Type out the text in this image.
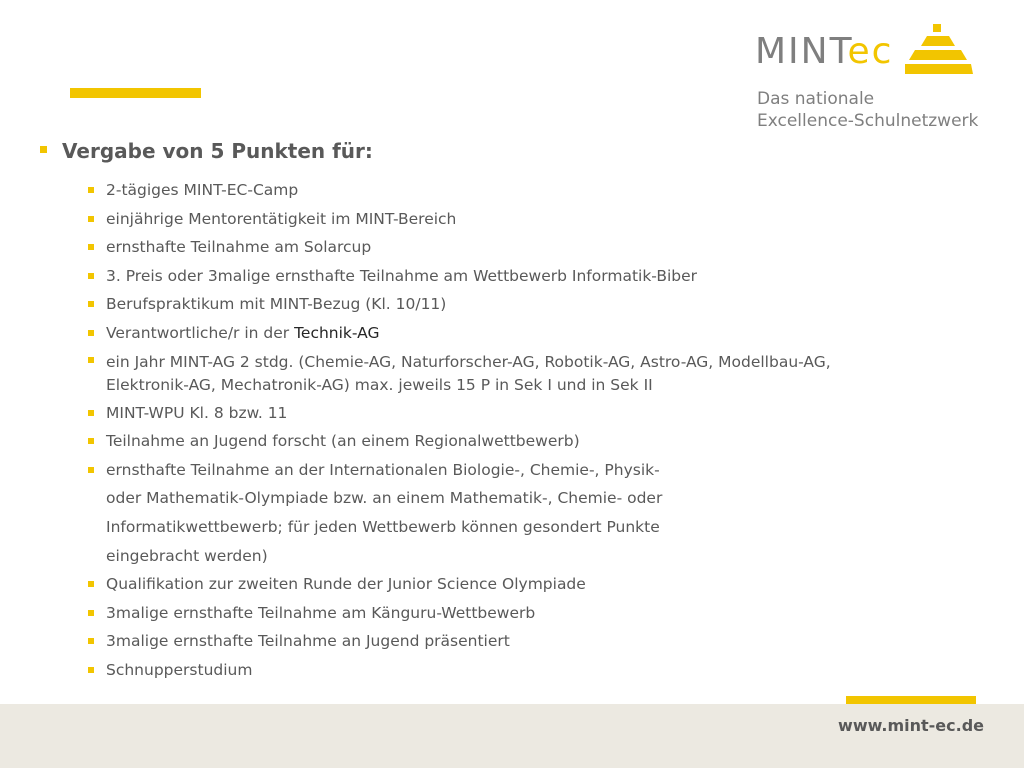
MINTec
Das nationale
Excellence-Schulnetzwerk
Vergabe von 5 Punkten für:
2-tägiges MINT-EC-Camp
einjährige Mentorentätigkeit im MINT-Bereich
ernsthafte Teilnahme am Solarcup
3. Preis oder 3malige ernsthafte Teilnahme am Wettbewerb Informatik-Biber
Berufspraktikum mit MINT-Bezug (Kl. 10/11)
Verantwortliche/r in der Technik-AG
ein Jahr MINT-AG 2 stdg. (Chemie-AG, Naturforscher-AG, Robotik-AG, Astro-AG, Modellbau-AG,
Elektronik-AG, Mechatronik-AG) max. jeweils 15 P in Sek I und in Sek II
MINT-WPU Kl. 8 bzw. 11
Teilnahme an Jugend forscht (an einem Regionalwettbewerb)
ernsthafte Teilnahme an der Internationalen Biologie-, Chemie-, Physik-
oder Mathematik-Olympiade bzw. an einem Mathematik-, Chemie- oder
Informatikwettbewerb; für jeden Wettbewerb können gesondert Punkte
eingebracht werden)
Qualifikation zur zweiten Runde der Junior Science Olympiade
3malige ernsthafte Teilnahme am Känguru-Wettbewerb
3malige ernsthafte Teilnahme an Jugend präsentiert
Schnupperstudium
www.mint-ec.de
